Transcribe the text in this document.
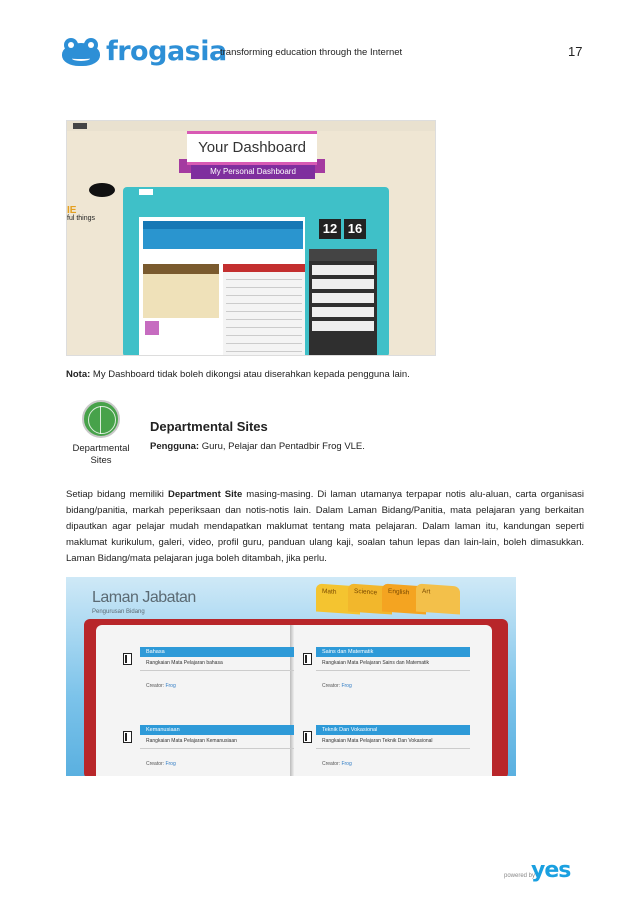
frogasia
transforming education through the Internet	17
Your Dashboard
My Personal Dashboard
IE
ful things
12 16
Nota: My Dashboard tidak boleh dikongsi atau diserahkan kepada pengguna lain.
Departmental Sites
Departmental Sites
Pengguna: Guru, Pelajar dan Pentadbir Frog VLE.
Setiap bidang memiliki Department Site masing-masing. Di laman utamanya terpapar notis alu-aluan, carta organisasi bidang/panitia, markah peperiksaan dan notis-notis lain. Dalam Laman Bidang/Panitia, mata pelajaran yang berkaitan dipautkan agar pelajar mudah mendapatkan maklumat tentang mata pelajaran. Dalam laman itu, kandungan seperti maklumat kurikulum, galeri, video, profil guru, panduan ulang kaji, soalan tahun lepas dan lain-lain, boleh dimasukkan. Laman Bidang/mata pelajaran juga boleh ditambah, jika perlu.
Laman Jabatan
Pengurusan Bidang
Math	Science	English	Art
Bahasa
Rangkaian Mata Pelajaran bahasa
Creator: Frog
Sains dan Matematik
Rangkaian Mata Pelajaran Sains dan Matematik
Creator: Frog
Kemanusiaan
Rangkaian Mata Pelajaran Kemanusiaan
Creator: Frog
Teknik Dan Vokasional
Rangkaian Mata Pelajaran Teknik Dan Vokasional
Creator: Frog
powered by
yes
